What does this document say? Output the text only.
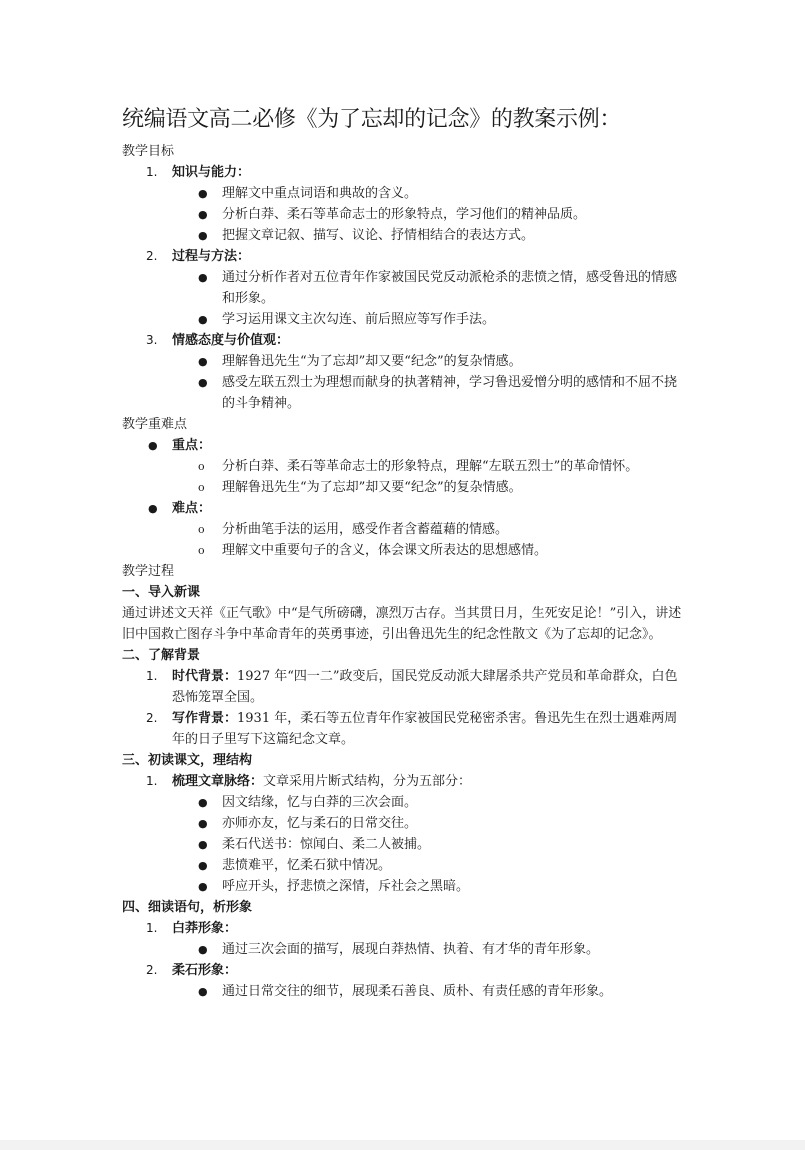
统编语文高二必修《为了忘却的记念》的教案示例：
教学目标
1. 知识与能力：
● 理解文中重点词语和典故的含义。
● 分析白莽、柔石等革命志士的形象特点，学习他们的精神品质。
● 把握文章记叙、描写、议论、抒情相结合的表达方式。
2. 过程与方法：
● 通过分析作者对五位青年作家被国民党反动派枪杀的悲愤之情，感受鲁迅的情感和形象。
● 学习运用课文主次勾连、前后照应等写作手法。
3. 情感态度与价值观：
● 理解鲁迅先生“为了忘却”却又要“纪念”的复杂情感。
● 感受左联五烈士为理想而献身的执著精神，学习鲁迅爱憎分明的感情和不屈不挠的斗争精神。
教学重难点
● 重点：
o 分析白莽、柔石等革命志士的形象特点，理解“左联五烈士”的革命情怀。
o 理解鲁迅先生“为了忘却”却又要“纪念”的复杂情感。
● 难点：
o 分析曲笔手法的运用，感受作者含蓄蕴藉的情感。
o 理解文中重要句子的含义，体会课文所表达的思想感情。
教学过程
一、导入新课
通过讲述文天祥《正气歌》中“是气所磅礴，凛烈万古存。当其贯日月，生死安足论！”引入，讲述旧中国救亡图存斗争中革命青年的英勇事迹，引出鲁迅先生的纪念性散文《为了忘却的记念》。
二、了解背景
1. 时代背景：1927 年“四一二”政变后，国民党反动派大肆屠杀共产党员和革命群众，白色恐怖笼罩全国。
2. 写作背景：1931 年，柔石等五位青年作家被国民党秘密杀害。鲁迅先生在烈士遇难两周年的日子里写下这篇纪念文章。
三、初读课文，理结构
1. 梳理文章脉络：文章采用片断式结构，分为五部分：
● 因文结缘，忆与白莽的三次会面。
● 亦师亦友，忆与柔石的日常交往。
● 柔石代送书：惊闻白、柔二人被捕。
● 悲愤难平，忆柔石狱中情况。
● 呼应开头，抒悲愤之深情，斥社会之黑暗。
四、细读语句，析形象
1. 白莽形象：
● 通过三次会面的描写，展现白莽热情、执着、有才华的青年形象。
2. 柔石形象：
● 通过日常交往的细节，展现柔石善良、质朴、有责任感的青年形象。
